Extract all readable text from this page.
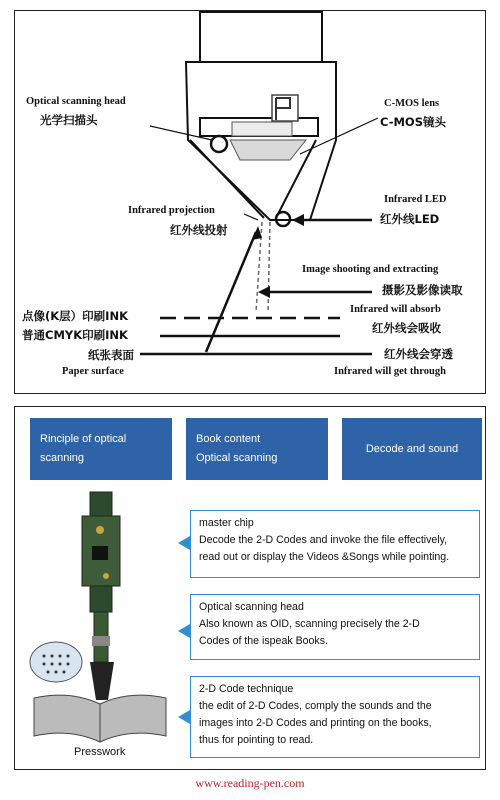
Optical scanning head
光学扫描头
C-MOS lens
C-MOS镜头
Infrared projection
红外线投射
Infrared LED
红外线LED
Image shooting and extracting
摄影及影像读取
点像(K层）印刷INK	Infrared will absorb
红外线会吸收
普通CMYK印刷INK
纸张表面	红外线会穿透
Paper surface	Infrared will get through
Rinciple of optical
scanning
Book content
Optical scanning
Decode and sound
Presswork
master chip
Decode the 2-D Codes and invoke the file effectively,
read out or display the Videos &Songs while pointing.
Optical scanning head
Also known as OID, scanning precisely the 2-D
Codes of the ispeak Books.
2-D Code technique
the edit of 2-D Codes, comply the sounds and the
images into 2-D Codes and printing on the books,
thus for pointing to read.
www.reading-pen.com
